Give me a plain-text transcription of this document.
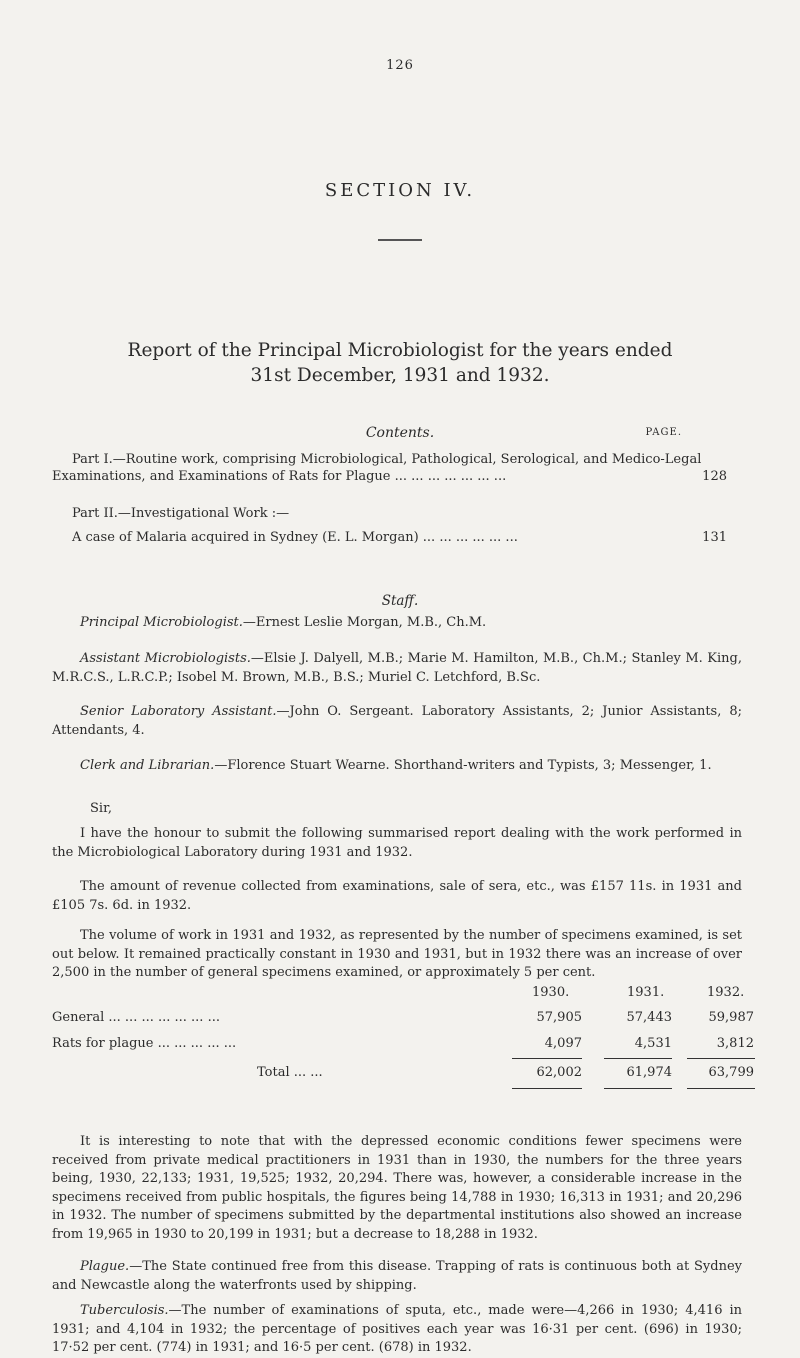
126
SECTION IV.
Report of the Principal Microbiologist for the years ended
31st December, 1931 and 1932.
Contents.	PAGE.
Part I.—Routine work, comprising Microbiological, Pathological, Serological, and Medico-Legal
Examinations, and Examinations of Rats for Plague ... ... ... ... ... ... ...	128
Part II.—Investigational Work :—
A case of Malaria acquired in Sydney (E. L. Morgan) ... ... ... ... ... ...	131
Staff.
Principal Microbiologist.—Ernest Leslie Morgan, M.B., Ch.M.
Assistant Microbiologists.—Elsie J. Dalyell, M.B.; Marie M. Hamilton, M.B., Ch.M.; Stanley M. King, M.R.C.S., L.R.C.P.; Isobel M. Brown, M.B., B.S.; Muriel C. Letchford, B.Sc.
Senior Laboratory Assistant.—John O. Sergeant. Laboratory Assistants, 2; Junior Assistants, 8; Attendants, 4.
Clerk and Librarian.—Florence Stuart Wearne. Shorthand-writers and Typists, 3; Messenger, 1.
Sir,
I have the honour to submit the following summarised report dealing with the work performed in the Microbiological Laboratory during 1931 and 1932.
The amount of revenue collected from examinations, sale of sera, etc., was £157 11s. in 1931 and £105 7s. 6d. in 1932.
The volume of work in 1931 and 1932, as represented by the number of specimens examined, is set out below. It remained practically constant in 1930 and 1931, but in 1932 there was an increase of over 2,500 in the number of general specimens examined, or approximately 5 per cent.
1930.	1931.	1932.
General ... ... ... ... ... ... ...	57,905	57,443	59,987
Rats for plague ... ... ... ... ...	4,097	4,531	3,812
Total ... ...	62,002	61,974	63,799
It is interesting to note that with the depressed economic conditions fewer specimens were received from private medical practitioners in 1931 than in 1930, the numbers for the three years being, 1930, 22,133; 1931, 19,525; 1932, 20,294. There was, however, a considerable increase in the specimens received from public hospitals, the figures being 14,788 in 1930; 16,313 in 1931; and 20,296 in 1932. The number of specimens submitted by the departmental institutions also showed an increase from 19,965 in 1930 to 20,199 in 1931; but a decrease to 18,288 in 1932.
Plague.—The State continued free from this disease. Trapping of rats is continuous both at Sydney and Newcastle along the waterfronts used by shipping.
Tuberculosis.—The number of examinations of sputa, etc., made were—4,266 in 1930; 4,416 in 1931; and 4,104 in 1932; the percentage of positives each year was 16·31 per cent. (696) in 1930; 17·52 per cent. (774) in 1931; and 16·5 per cent. (678) in 1932.
